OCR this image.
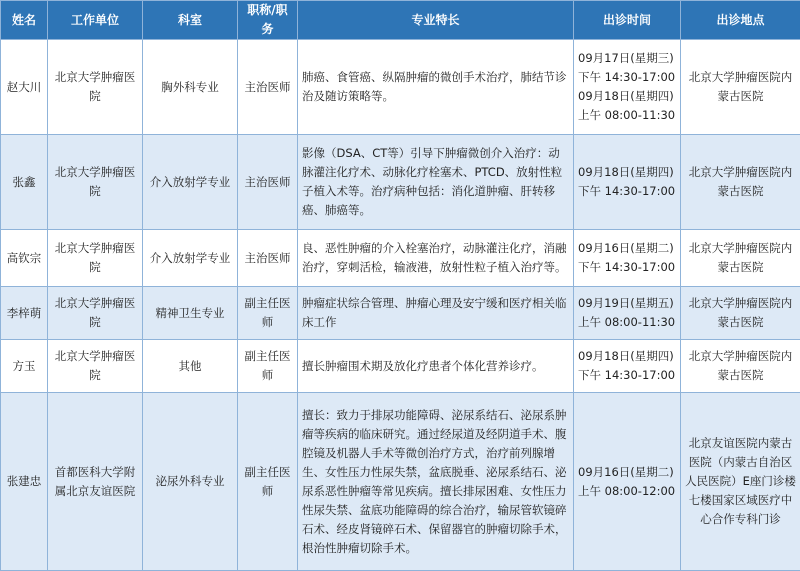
姓名	工作单位	科室	职称/职务	专业特长	出诊时间	出诊地点
赵大川	北京大学肿瘤医院	胸外科专业	主治医师	肺癌、食管癌、纵隔肿瘤的微创手术治疗，肺结节诊治及随访策略等。	09月17日(星期三)
下午 14:30-17:00
09月18日(星期四)
上午 08:00-11:30	北京大学肿瘤医院内蒙古医院
张鑫	北京大学肿瘤医院	介入放射学专业	主治医师	影像（DSA、CT等）引导下肿瘤微创介入治疗：动脉灌注化疗术、动脉化疗栓塞术、PTCD、放射性粒子植入术等。治疗病种包括：消化道肿瘤、肝转移癌、肺癌等。	09月18日(星期四)
下午 14:30-17:00	北京大学肿瘤医院内蒙古医院
高钦宗	北京大学肿瘤医院	介入放射学专业	主治医师	良、恶性肿瘤的介入栓塞治疗，动脉灌注化疗，消融治疗，穿刺活检，输液港，放射性粒子植入治疗等。	09月16日(星期二)
下午 14:30-17:00	北京大学肿瘤医院内蒙古医院
李梓萌	北京大学肿瘤医院	精神卫生专业	副主任医师	肿瘤症状综合管理、肿瘤心理及安宁缓和医疗相关临床工作	09月19日(星期五)
上午 08:00-11:30	北京大学肿瘤医院内蒙古医院
方玉	北京大学肿瘤医院	其他	副主任医师	擅长肿瘤围术期及放化疗患者个体化营养诊疗。	09月18日(星期四)
下午 14:30-17:00	北京大学肿瘤医院内蒙古医院
张建忠	首都医科大学附属北京友谊医院	泌尿外科专业	副主任医师	擅长：致力于排尿功能障碍、泌尿系结石、泌尿系肿瘤等疾病的临床研究。通过经尿道及经阴道手术、腹腔镜及机器人手术等微创治疗方式，治疗前列腺增生、女性压力性尿失禁，盆底脱垂、泌尿系结石、泌尿系恶性肿瘤等常见疾病。擅长排尿困难、女性压力性尿失禁、盆底功能障碍的综合治疗，输尿管软镜碎石术、经皮肾镜碎石术、保留器官的肿瘤切除手术，根治性肿瘤切除手术。	09月16日(星期二)
上午 08:00-12:00	北京友谊医院内蒙古医院（内蒙古自治区人民医院）E座门诊楼七楼国家区域医疗中心合作专科门诊
